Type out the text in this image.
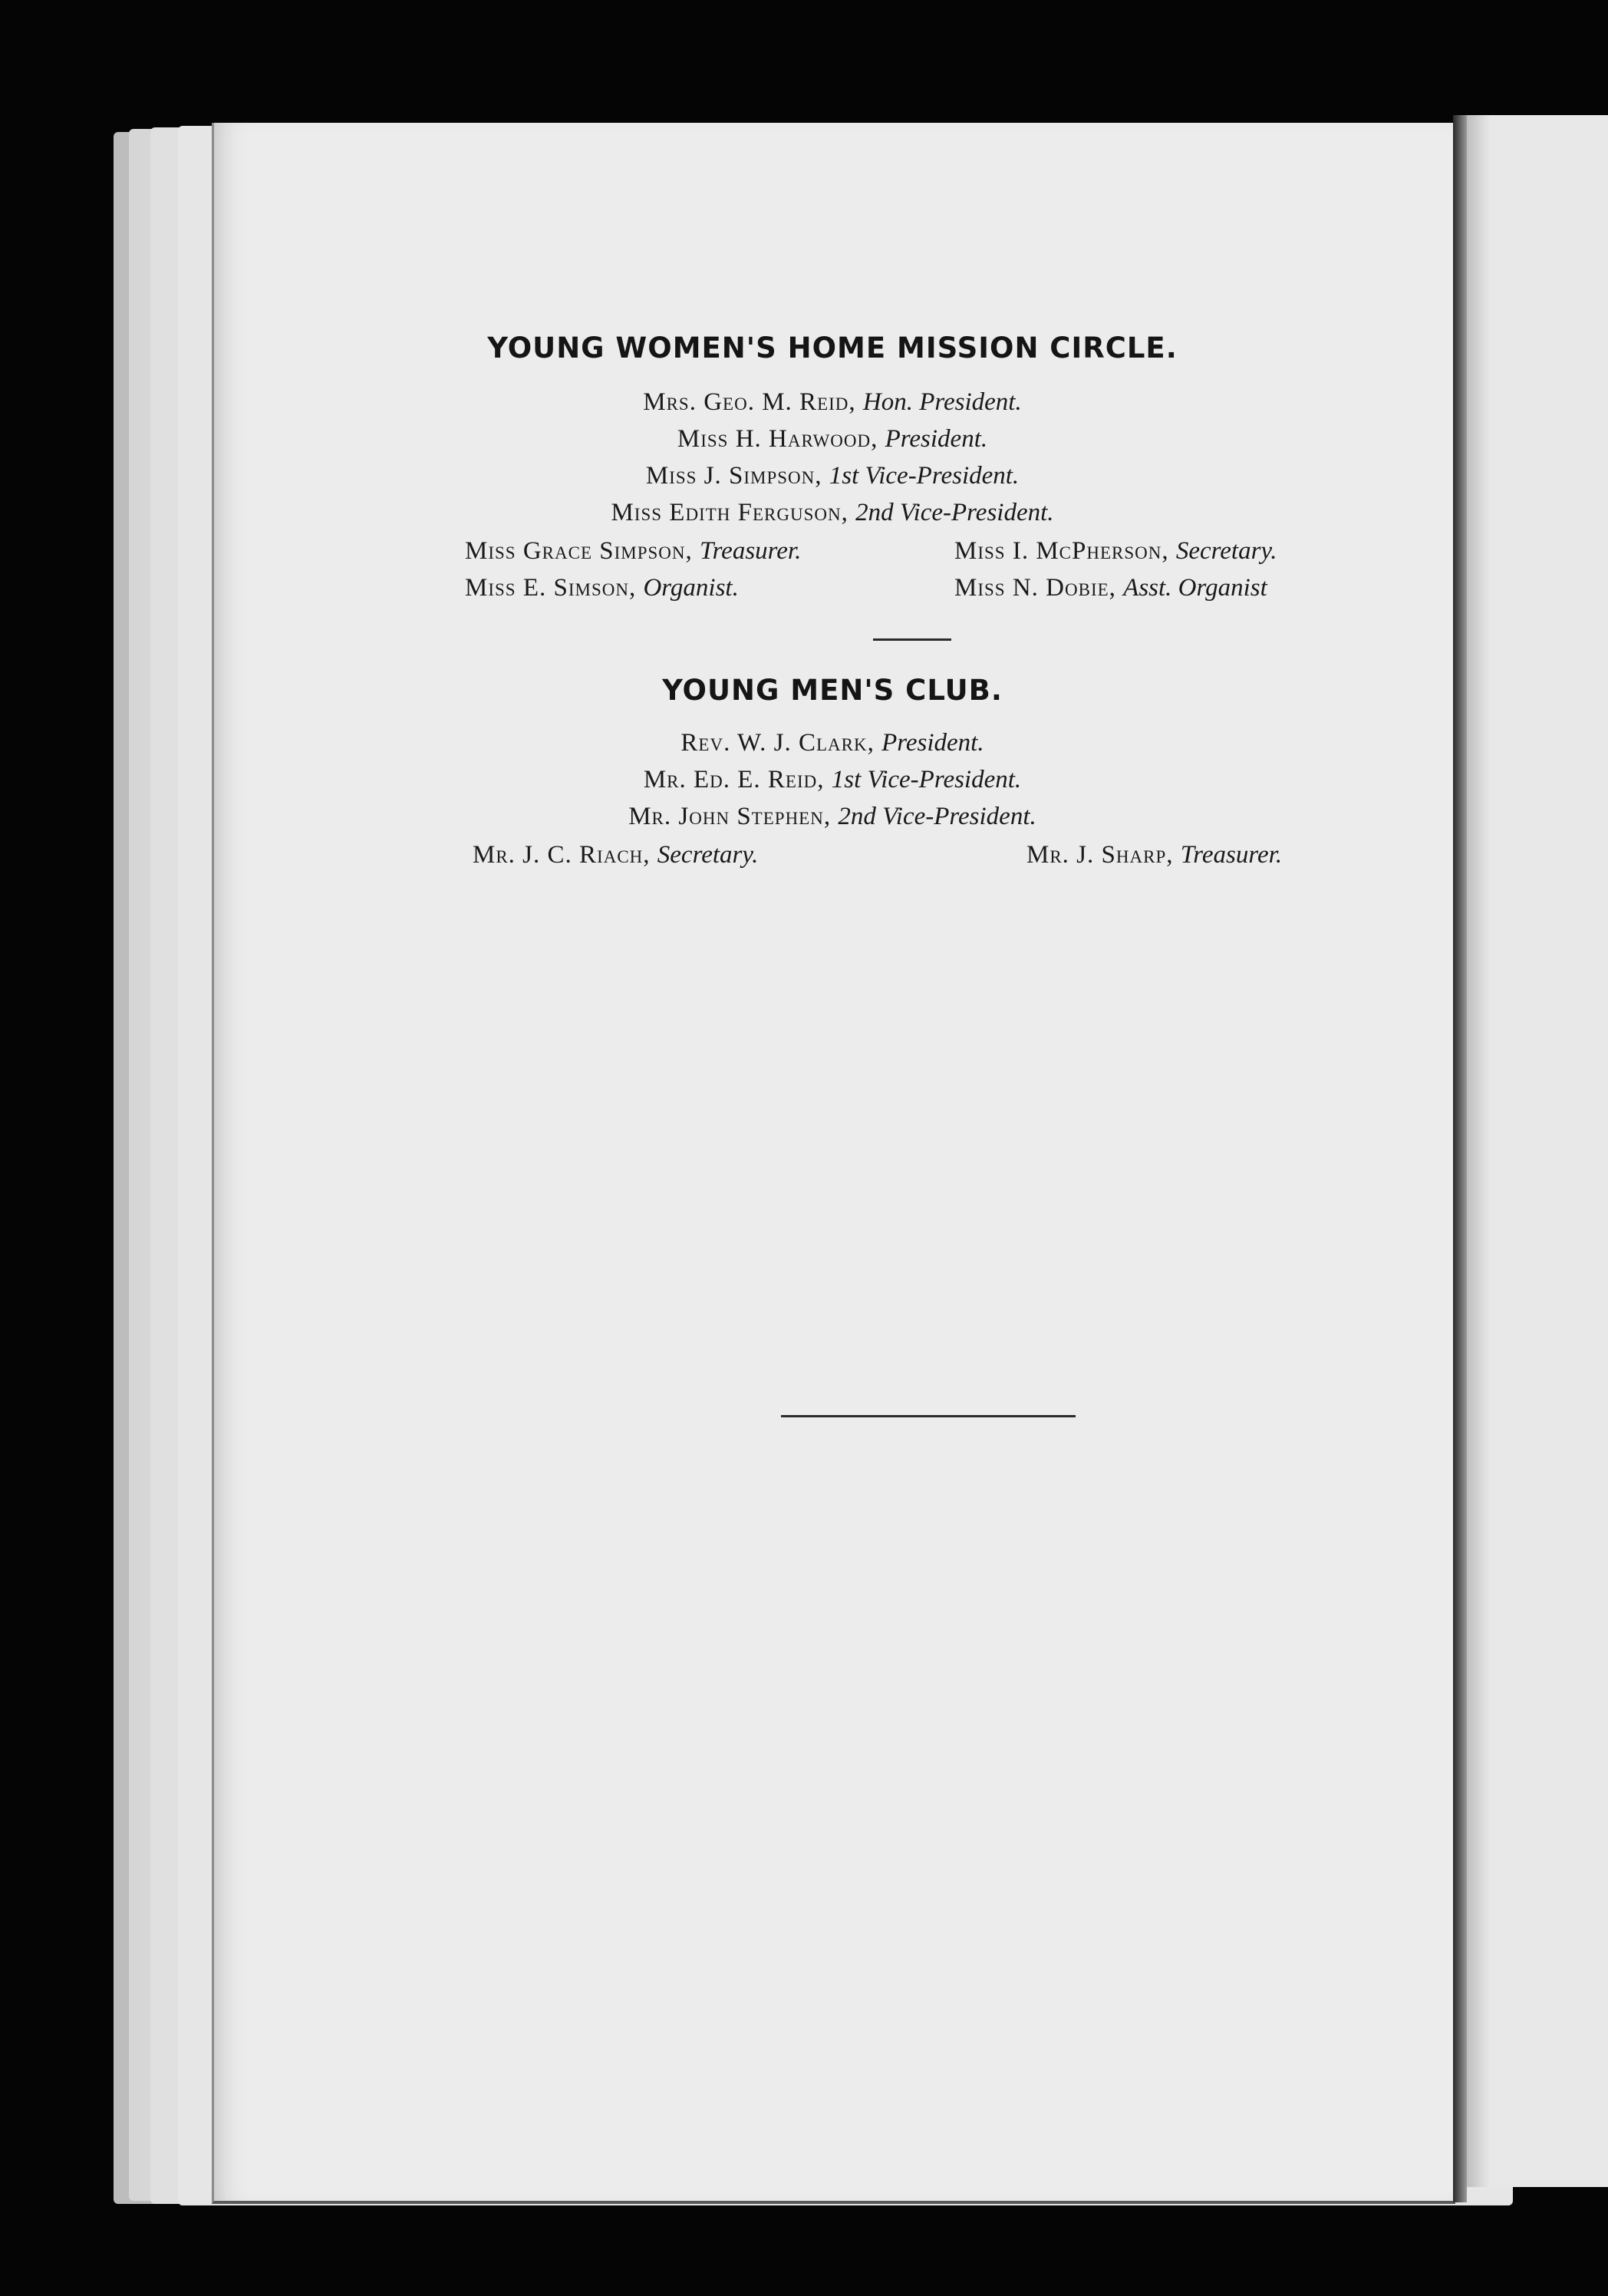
YOUNG WOMEN'S HOME MISSION CIRCLE.
Mrs. Geo. M. Reid, Hon. President.
Miss H. Harwood, President.
Miss J. Simpson, 1st Vice-President.
Miss Edith Ferguson, 2nd Vice-President.
Miss Grace Simpson, Treasurer.	Miss I. McPherson, Secretary.
Miss E. Simson, Organist.	Miss N. Dobie, Asst. Organist
YOUNG MEN'S CLUB.
Rev. W. J. Clark, President.
Mr. Ed. E. Reid, 1st Vice-President.
Mr. John Stephen, 2nd Vice-President.
Mr. J. C. Riach, Secretary.	Mr. J. Sharp, Treasurer.
